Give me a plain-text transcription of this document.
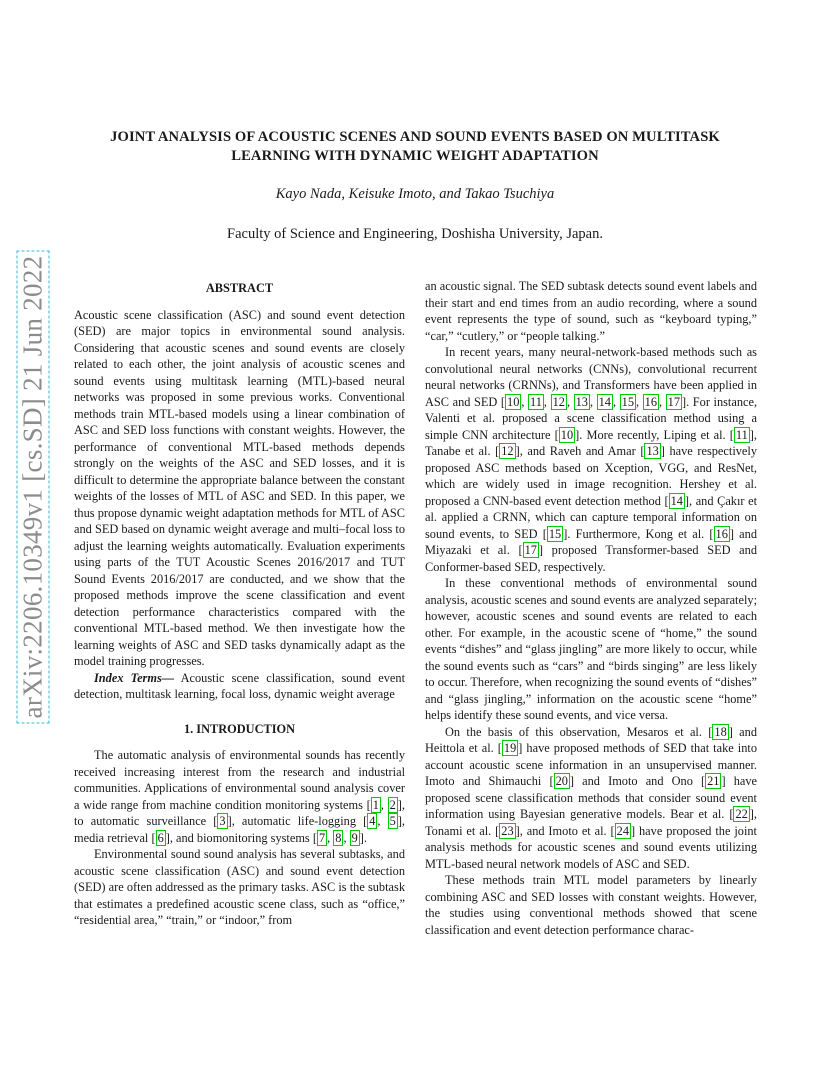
arXiv:2206.10349v1 [cs.SD] 21 Jun 2022
JOINT ANALYSIS OF ACOUSTIC SCENES AND SOUND EVENTS BASED ON MULTITASK LEARNING WITH DYNAMIC WEIGHT ADAPTATION
Kayo Nada, Keisuke Imoto, and Takao Tsuchiya
Faculty of Science and Engineering, Doshisha University, Japan.
ABSTRACT

Acoustic scene classification (ASC) and sound event detection (SED) are major topics in environmental sound analysis. Considering that acoustic scenes and sound events are closely related to each other, the joint analysis of acoustic scenes and sound events using multitask learning (MTL)-based neural networks was proposed in some previous works. Conventional methods train MTL-based models using a linear combination of ASC and SED loss functions with constant weights. However, the performance of conventional MTL-based methods depends strongly on the weights of the ASC and SED losses, and it is difficult to determine the appropriate balance between the constant weights of the losses of MTL of ASC and SED. In this paper, we thus propose dynamic weight adaptation methods for MTL of ASC and SED based on dynamic weight average and multi–focal loss to adjust the learning weights automatically. Evaluation experiments using parts of the TUT Acoustic Scenes 2016/2017 and TUT Sound Events 2016/2017 are conducted, and we show that the proposed methods improve the scene classification and event detection performance characteristics compared with the conventional MTL-based method. We then investigate how the learning weights of ASC and SED tasks dynamically adapt as the model training progresses.

Index Terms— Acoustic scene classification, sound event detection, multitask learning, focal loss, dynamic weight average

1. INTRODUCTION

The automatic analysis of environmental sounds has recently received increasing interest from the research and industrial communities. Applications of environmental sound analysis cover a wide range from machine condition monitoring systems [ 1 , 2 ], to automatic surveillance [ 3 ], automatic life-logging [ 4 , 5 ], media retrieval [ 6 ], and biomonitoring systems [ 7 , 8 , 9 ].

Environmental sound sound analysis has several subtasks, and acoustic scene classification (ASC) and sound event detection (SED) are often addressed as the primary tasks. ASC is the subtask that estimates a predefined acoustic scene class, such as “office,” “residential area,” “train,” or “indoor,” from

an acoustic signal. The SED subtask detects sound event labels and their start and end times from an audio recording, where a sound event represents the type of sound, such as “keyboard typing,” “car,” “cutlery,” or “people talking.”

In recent years, many neural-network-based methods such as convolutional neural networks (CNNs), convolutional recurrent neural networks (CRNNs), and Transformers have been applied in ASC and SED [ 10 , 11 , 12 , 13 , 14 , 15 , 16 , 17 ]. For instance, Valenti et al. proposed a scene classification method using a simple CNN architecture [ 10 ]. More recently, Liping et al. [ 11 ], Tanabe et al. [ 12 ], and Raveh and Amar [ 13 ] have respectively proposed ASC methods based on Xception, VGG, and ResNet, which are widely used in image recognition. Hershey et al. proposed a CNN-based event detection method [ 14 ], and Çakır et al. applied a CRNN, which can capture temporal information on sound events, to SED [ 15 ]. Furthermore, Kong et al. [ 16 ] and Miyazaki et al. [ 17 ] proposed Transformer-based SED and Conformer-based SED, respectively.

In these conventional methods of environmental sound analysis, acoustic scenes and sound events are analyzed separately; however, acoustic scenes and sound events are related to each other. For example, in the acoustic scene of “home,” the sound events “dishes” and “glass jingling” are more likely to occur, while the sound events such as “cars” and “birds singing” are less likely to occur. Therefore, when recognizing the sound events of “dishes” and “glass jingling,” information on the acoustic scene “home” helps identify these sound events, and vice versa.

On the basis of this observation, Mesaros et al. [ 18 ] and Heittola et al. [ 19 ] have proposed methods of SED that take into account acoustic scene information in an unsupervised manner. Imoto and Shimauchi [ 20 ] and Imoto and Ono [ 21 ] have proposed scene classification methods that consider sound event information using Bayesian generative models. Bear et al. [ 22 ], Tonami et al. [ 23 ], and Imoto et al. [ 24 ] have proposed the joint analysis methods for acoustic scenes and sound events utilizing MTL-based neural network models of ASC and SED.

These methods train MTL model parameters by linearly combining ASC and SED losses with constant weights. However, the studies using conventional methods showed that scene classification and event detection performance charac-
